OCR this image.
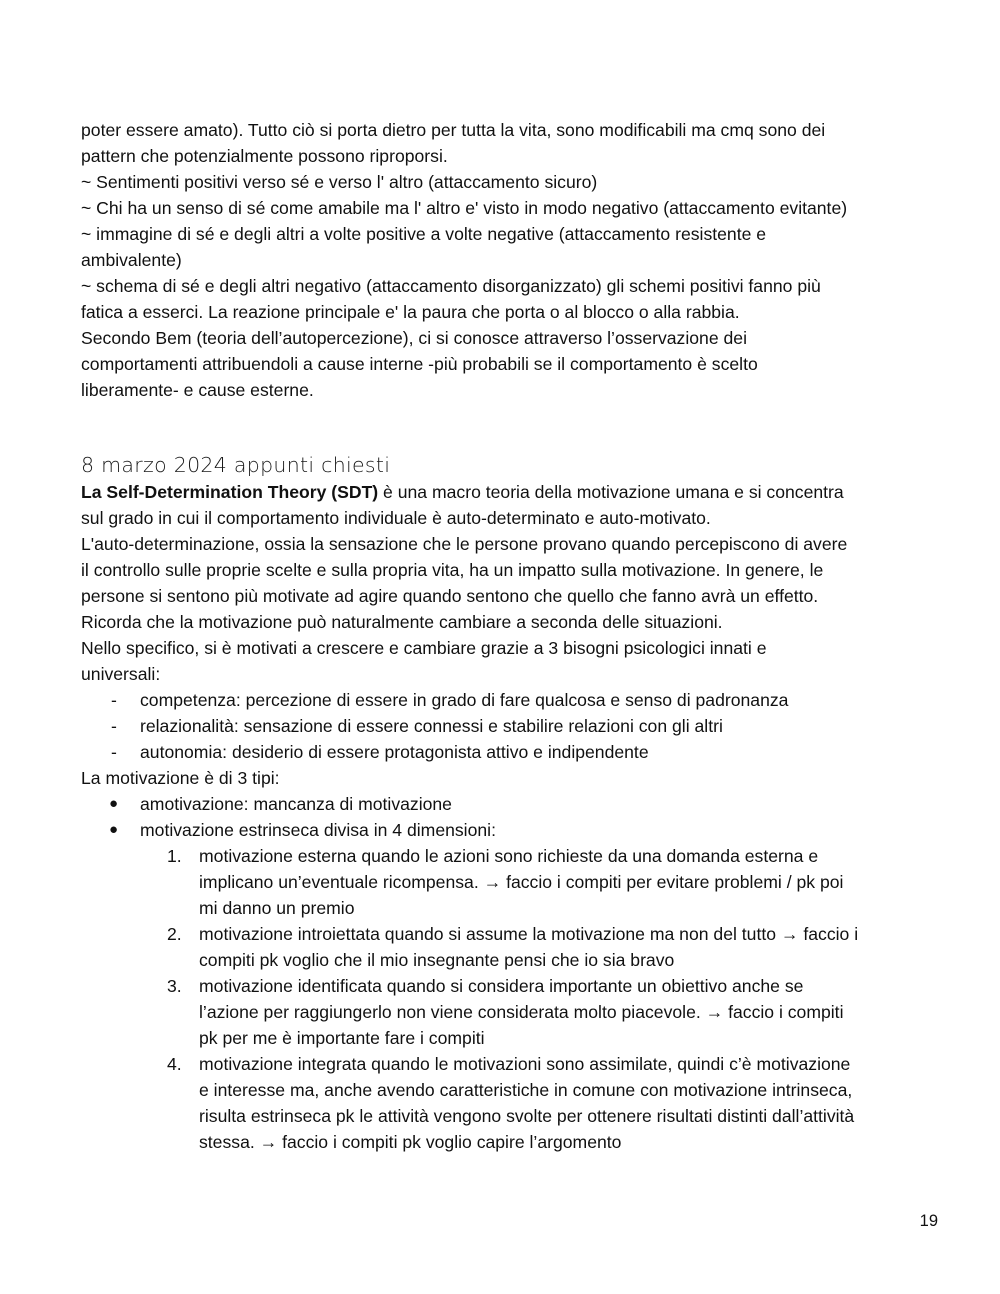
poter essere amato). Tutto ciò si porta dietro per tutta la vita, sono modificabili ma cmq sono dei
pattern che potenzialmente possono riproporsi.
~ Sentimenti positivi verso sé e verso l' altro (attaccamento sicuro)
~ Chi ha un senso di sé come amabile ma l' altro e' visto in modo negativo (attaccamento evitante)
~ immagine di sé e degli altri a volte positive a volte negative (attaccamento resistente e
ambivalente)
~ schema di sé e degli altri negativo (attaccamento disorganizzato) gli schemi positivi fanno più
fatica a esserci. La reazione principale e' la paura che porta o al blocco o alla rabbia.
Secondo Bem (teoria dell’autopercezione), ci si conosce attraverso l’osservazione dei
comportamenti attribuendoli a cause interne -più probabili se il comportamento è scelto
liberamente- e cause esterne.
8 marzo 2024 appunti chiesti
La Self-Determination Theory (SDT) è una macro teoria della motivazione umana e si concentra
sul grado in cui il comportamento individuale è auto-determinato e auto-motivato.
L'auto-determinazione, ossia la sensazione che le persone provano quando percepiscono di avere
il controllo sulle proprie scelte e sulla propria vita, ha un impatto sulla motivazione. In genere, le
persone si sentono più motivate ad agire quando sentono che quello che fanno avrà un effetto.
Ricorda che la motivazione può naturalmente cambiare a seconda delle situazioni.
Nello specifico, si è motivati a crescere e cambiare grazie a 3 bisogni psicologici innati e
universali:
- competenza: percezione di essere in grado di fare qualcosa e senso di padronanza
- relazionalità: sensazione di essere connessi e stabilire relazioni con gli altri
- autonomia: desiderio di essere protagonista attivo e indipendente
La motivazione è di 3 tipi:
● amotivazione: mancanza di motivazione
● motivazione estrinseca divisa in 4 dimensioni:
1. motivazione esterna quando le azioni sono richieste da una domanda esterna e
implicano un’eventuale ricompensa. → faccio i compiti per evitare problemi / pk poi
mi danno un premio
2. motivazione introiettata quando si assume la motivazione ma non del tutto → faccio i
compiti pk voglio che il mio insegnante pensi che io sia bravo
3. motivazione identificata quando si considera importante un obiettivo anche se
l’azione per raggiungerlo non viene considerata molto piacevole. → faccio i compiti
pk per me è importante fare i compiti
4. motivazione integrata quando le motivazioni sono assimilate, quindi c’è motivazione
e interesse ma, anche avendo caratteristiche in comune con motivazione intrinseca,
risulta estrinseca pk le attività vengono svolte per ottenere risultati distinti dall’attività
stessa. → faccio i compiti pk voglio capire l’argomento
19
